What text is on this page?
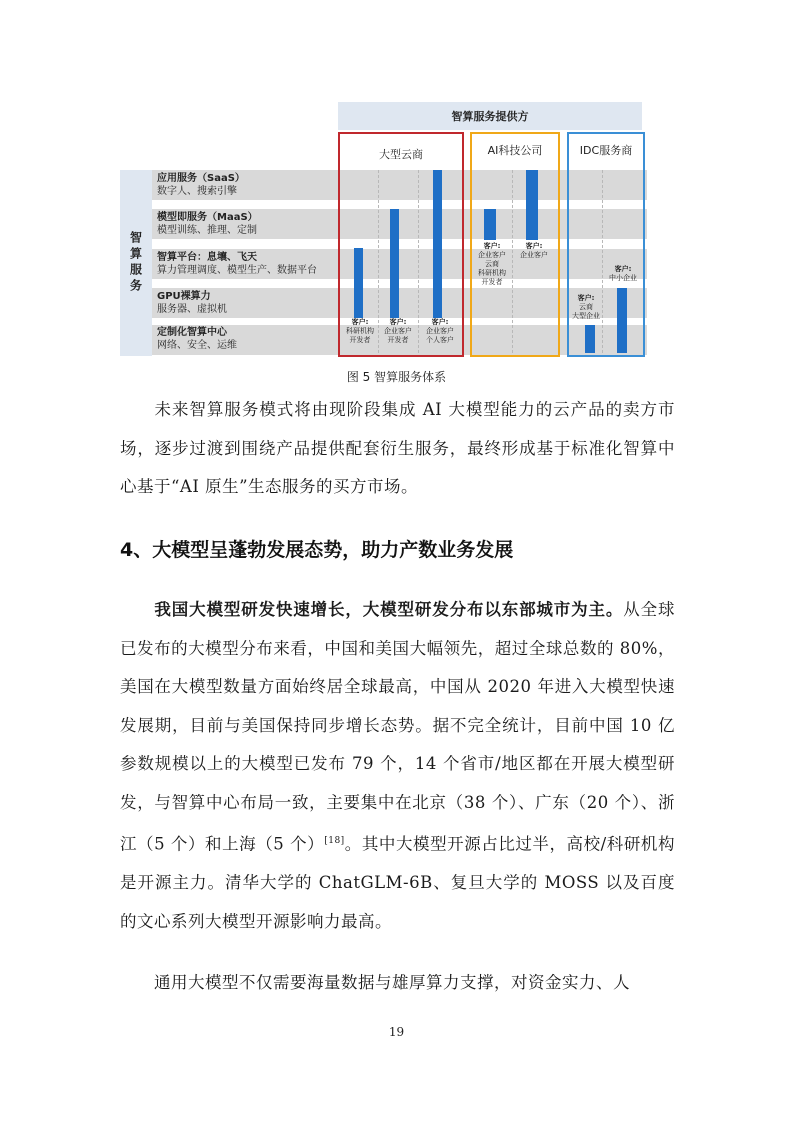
智算服务提供方
智算服务
应用服务（SaaS）
数字人、搜索引擎
模型即服务（MaaS）
模型训练、推理、定制
智算平台：息壤、飞天
算力管理调度、模型生产、数据平台
GPU裸算力
服务器、虚拟机
定制化智算中心
网络、安全、运维
大型云商	AI科技公司	IDC服务商
客户:
科研机构
开发者
客户:
企业客户
开发者
客户:
企业客户
个人客户
客户:
企业客户
云商
科研机构
开发者
客户:
企业客户
客户:
云商
大型企业
客户:
中小企业
图 5 智算服务体系
未来智算服务模式将由现阶段集成 AI 大模型能力的云产品的卖方市场，逐步过渡到围绕产品提供配套衍生服务，最终形成基于标准化智算中心基于“AI 原生”生态服务的买方市场。
4、大模型呈蓬勃发展态势，助力产数业务发展
我国大模型研发快速增长，大模型研发分布以东部城市为主。从全球已发布的大模型分布来看，中国和美国大幅领先，超过全球总数的 80%，美国在大模型数量方面始终居全球最高，中国从 2020 年进入大模型快速发展期，目前与美国保持同步增长态势。据不完全统计，目前中国 10 亿参数规模以上的大模型已发布 79 个，14 个省市/地区都在开展大模型研发，与智算中心布局一致，主要集中在北京（38 个）、广东（20 个）、浙江（5 个）和上海（5 个）[18]。其中大模型开源占比过半，高校/科研机构是开源主力。清华大学的 ChatGLM-6B、复旦大学的 MOSS 以及百度的文心系列大模型开源影响力最高。
通用大模型不仅需要海量数据与雄厚算力支撑，对资金实力、人
19
